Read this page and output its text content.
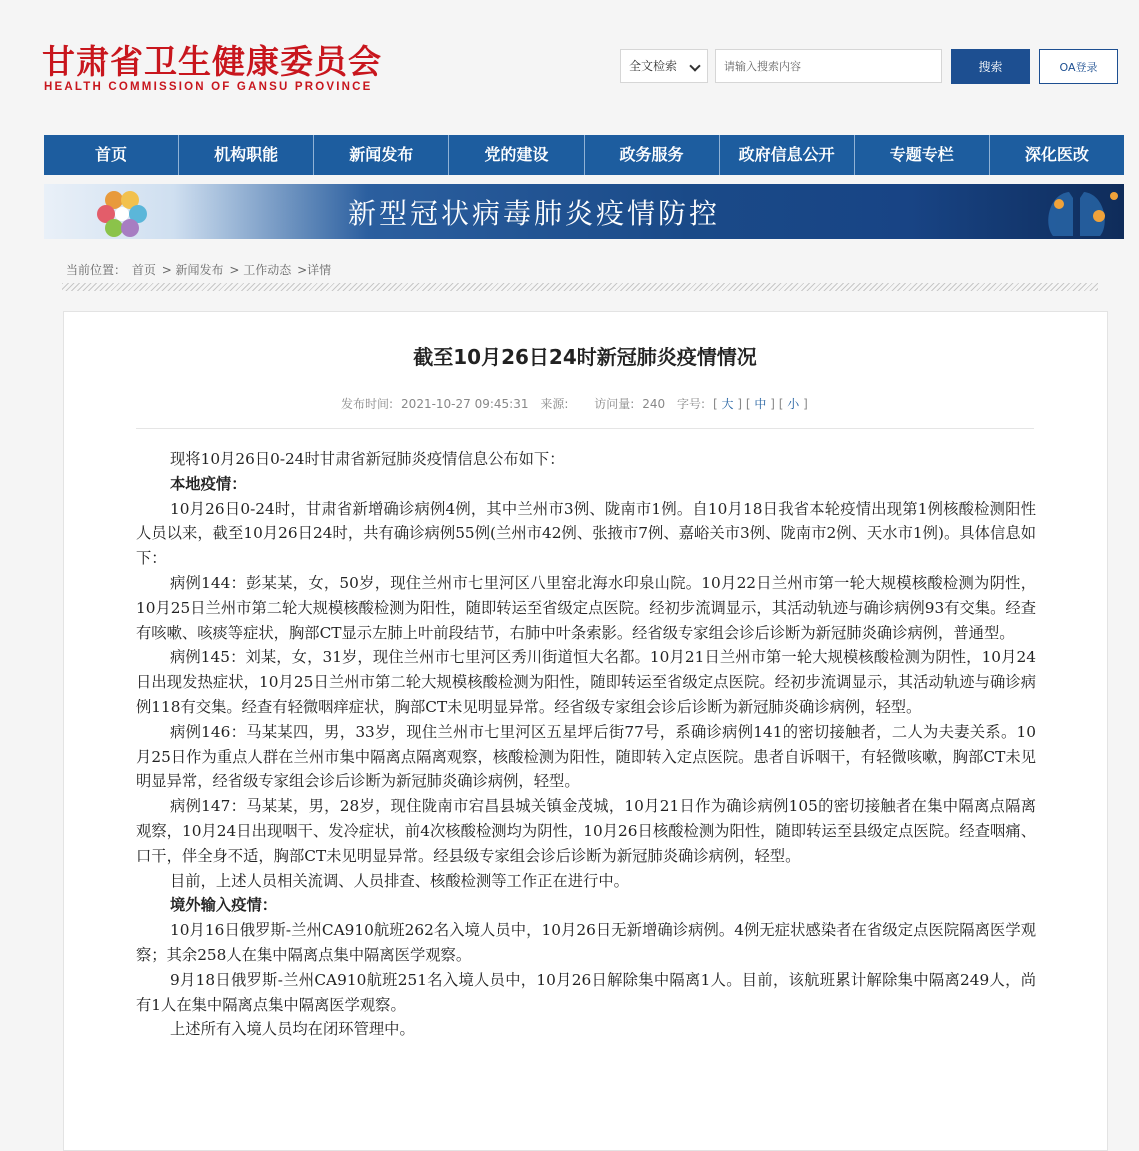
甘肃省卫生健康委员会
HEALTH COMMISSION OF GANSU PROVINCE
全文检索
请输入搜索内容	搜索	OA登录
首页	机构职能	新闻发布	党的建设	政务服务	政府信息公开	专题专栏	深化医改
新型冠状病毒肺炎疫情防控
当前位置： 首页 > 新闻发布 > 工作动态 >详情
截至10月26日24时新冠肺炎疫情情况
发布时间: 2021-10-27 09:45:31 来源: 访问量: 240 字号: [ 大 ] [ 中 ] [ 小 ]

现将10月26日0-24时甘肃省新冠肺炎疫情信息公布如下：

本地疫情：

10月26日0-24时，甘肃省新增确诊病例4例，其中兰州市3例、陇南市1例。自10月18日我省本轮疫情出现第1例核酸检测阳性人员以来，截至10月26日24时，共有确诊病例55例(兰州市42例、张掖市7例、嘉峪关市3例、陇南市2例、天水市1例)。具体信息如下：

病例144：彭某某，女，50岁，现住兰州市七里河区八里窑北海水印泉山院。10月22日兰州市第一轮大规模核酸检测为阴性，10月25日兰州市第二轮大规模核酸检测为阳性，随即转运至省级定点医院。经初步流调显示，其活动轨迹与确诊病例93有交集。经查有咳嗽、咳痰等症状，胸部CT显示左肺上叶前段结节，右肺中叶条索影。经省级专家组会诊后诊断为新冠肺炎确诊病例，普通型。

病例145：刘某，女，31岁，现住兰州市七里河区秀川街道恒大名都。10月21日兰州市第一轮大规模核酸检测为阴性，10月24日出现发热症状，10月25日兰州市第二轮大规模核酸检测为阳性，随即转运至省级定点医院。经初步流调显示，其活动轨迹与确诊病例118有交集。经查有轻微咽痒症状，胸部CT未见明显异常。经省级专家组会诊后诊断为新冠肺炎确诊病例，轻型。

病例146：马某某四，男，33岁，现住兰州市七里河区五星坪后街77号，系确诊病例141的密切接触者，二人为夫妻关系。10月25日作为重点人群在兰州市集中隔离点隔离观察，核酸检测为阳性，随即转入定点医院。患者自诉咽干，有轻微咳嗽，胸部CT未见明显异常，经省级专家组会诊后诊断为新冠肺炎确诊病例，轻型。

病例147：马某某，男，28岁，现住陇南市宕昌县城关镇金茂城，10月21日作为确诊病例105的密切接触者在集中隔离点隔离观察，10月24日出现咽干、发冷症状，前4次核酸检测均为阴性，10月26日核酸检测为阳性，随即转运至县级定点医院。经查咽痛、口干，伴全身不适，胸部CT未见明显异常。经县级专家组会诊后诊断为新冠肺炎确诊病例，轻型。

目前，上述人员相关流调、人员排查、核酸检测等工作正在进行中。

境外输入疫情：

10月16日俄罗斯-兰州CA910航班262名入境人员中，10月26日无新增确诊病例。4例无症状感染者在省级定点医院隔离医学观察；其余258人在集中隔离点集中隔离医学观察。

9月18日俄罗斯-兰州CA910航班251名入境人员中，10月26日解除集中隔离1人。目前，该航班累计解除集中隔离249人，尚有1人在集中隔离点集中隔离医学观察。

上述所有入境人员均在闭环管理中。
